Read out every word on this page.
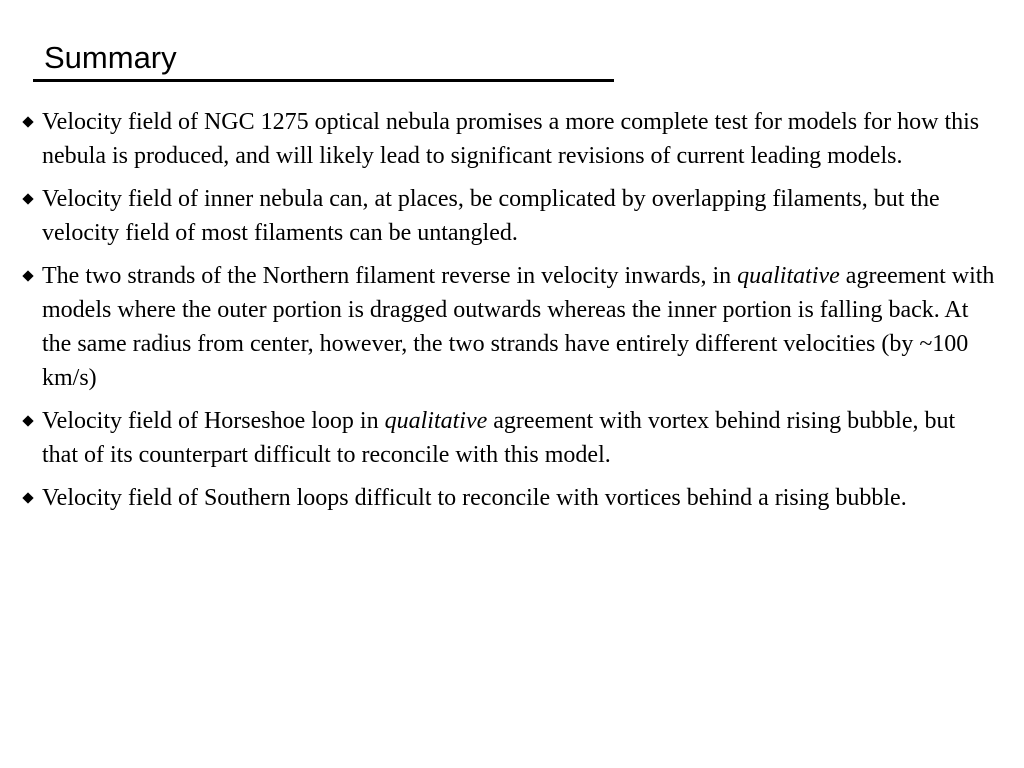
Summary
Velocity field of NGC 1275 optical nebula promises a more complete test for models for how this nebula is produced, and will likely lead to significant revisions of current leading models.
Velocity field of inner nebula can, at places, be complicated by overlapping filaments, but the velocity field of most filaments can be untangled.
The two strands of the Northern filament reverse in velocity inwards, in qualitative agreement with models where the outer portion is dragged outwards whereas the inner portion is falling back. At the same radius from center, however, the two strands have entirely different velocities (by ~100 km/s)
Velocity field of Horseshoe loop in qualitative agreement with vortex behind rising bubble, but that of its counterpart difficult to reconcile with this model.
Velocity field of Southern loops difficult to reconcile with vortices behind a rising bubble.
